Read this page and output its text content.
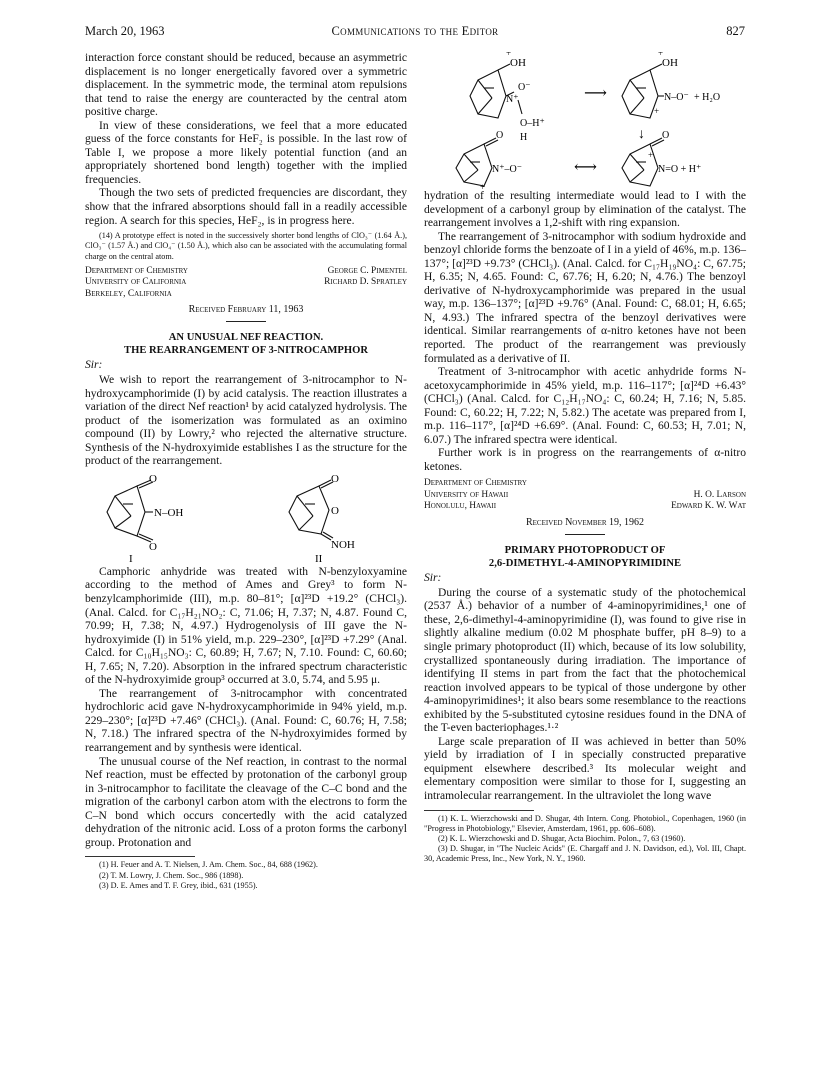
March 20, 1963	Communications to the Editor	827

interaction force constant should be reduced, because an asymmetric displacement is no longer energetically favored over a symmetric displacement. In the symmetric mode, the terminal atom repulsions that tend to raise the energy are counteracted by the central atom positive charge.

In view of these considerations, we feel that a more educated guess of the force constants for HeF₂ is possible. In the last row of Table I, we propose a more likely potential function (and an appropriately shortened bond length) together with the implied frequencies.

Though the two sets of predicted frequencies are discordant, they show that the infrared absorptions should fall in a readily accessible region. A search for this species, HeF₂, is in progress here.

(14) A prototype effect is noted in the successively shorter bond lengths of ClO₃⁻ (1.64 Å.), ClO₃⁻ (1.57 Å.) and ClO₄⁻ (1.50 Å.), which also can be associated with the accumulating formal charge on the central atom.

Department of Chemistry	George C. Pimentel
University of California	Richard D. Spratley
Berkeley, California
Received February 11, 1963
AN UNUSUAL NEF REACTION.
THE REARRANGEMENT OF 3-NITROCAMPHOR
Sir:

We wish to report the rearrangement of 3-nitrocamphor to N-hydroxycamphorimide (I) by acid catalysis. The reaction illustrates a variation of the direct Nef reaction¹ by acid catalyzed hydrolysis. The product of the isomerization was formulated as an oximino compound (II) by Lowry,² who rejected the alternative structure. Synthesis of the N-hydroxyimide establishes I as the structure for the product of the rearrangement.

O
O
N–OH
I
O
O
NOH
II

Camphoric anhydride was treated with N-benzyloxyamine according to the method of Ames and Grey³ to form N-benzylcamphorimide (III), m.p. 80–81°; [α]²³D +19.2° (CHCl₃). (Anal. Calcd. for C₁₇H₂₁NO₂: C, 71.06; H, 7.37; N, 4.87. Found C, 70.99; H, 7.38; N, 4.97.) Hydrogenolysis of III gave the N-hydroxyimide (I) in 51% yield, m.p. 229–230°, [α]²³D +7.29° (Anal. Calcd. for C₁₀H₁₅NO₃: C, 60.89; H, 7.67; N, 7.10. Found: C, 60.60; H, 7.65; N, 7.20). Absorption in the infrared spectrum characteristic of the N-hydroxyimide group³ occurred at 3.0, 5.74, and 5.95 μ.

The rearrangement of 3-nitrocamphor with concentrated hydrochloric acid gave N-hydroxycamphorimide in 94% yield, m.p. 229–230°; [α]²³D +7.46° (CHCl₃). (Anal. Found: C, 60.76; H, 7.58; N, 7.18.) The infrared spectra of the N-hydroxyimides formed by rearrangement and by synthesis were identical.

The unusual course of the Nef reaction, in contrast to the normal Nef reaction, must be effected by protonation of the carbonyl group in 3-nitrocamphor to facilitate the cleavage of the C–C bond and the migration of the carbonyl carbon atom with the electrons to form the C–N bond which occurs concertedly with the acid catalyzed dehydration of the nitronic acid. Loss of a proton forms the carbonyl group. Protonation and

(1) H. Feuer and A. T. Nielsen, J. Am. Chem. Soc., 84, 688 (1962).

(2) T. M. Lowry, J. Chem. Soc., 986 (1898).

(3) D. E. Ames and T. F. Grey, ibid., 631 (1955).

OH
+
O⁻
N⁺
O–H⁺
H
⟶
OH
+
N–O⁻ + H₂O
+
↓
O
N⁺–O⁻
+
⟷
O
N=O + H⁺
+

hydration of the resulting intermediate would lead to I with the development of a carbonyl group by elimination of the catalyst. The rearrangement involves a 1,2-shift with ring expansion.

The rearrangement of 3-nitrocamphor with sodium hydroxide and benzoyl chloride forms the benzoate of I in a yield of 46%, m.p. 136–137°; [α]²³D +9.73° (CHCl₃). (Anal. Calcd. for C₁₇H₁₉NO₄: C, 67.75; H, 6.35; N, 4.65. Found: C, 67.76; H, 6.20; N, 4.76.) The benzoyl derivative of N-hydroxycamphorimide was prepared in the usual way, m.p. 136–137°; [α]²³D +9.76° (Anal. Found: C, 68.01; H, 6.65; N, 4.93.) The infrared spectra of the benzoyl derivatives were identical. Similar rearrangements of α-nitro ketones have not been reported. The product of the rearrangement was previously formulated as a derivative of II.

Treatment of 3-nitrocamphor with acetic anhydride forms N-acetoxycamphorimide in 45% yield, m.p. 116–117°; [α]²⁴D +6.43° (CHCl₃) (Anal. Calcd. for C₁₂H₁₇NO₄: C, 60.24; H, 7.16; N, 5.85. Found: C, 60.22; H, 7.22; N, 5.82.) The acetate was prepared from I, m.p. 116–117°, [α]²⁴D +6.69°. (Anal. Found: C, 60.53; H, 7.01; N, 6.07.) The infrared spectra were identical.

Further work is in progress on the rearrangements of α-nitro ketones.

Department of Chemistry
University of Hawaii	H. O. Larson
Honolulu, Hawaii	Edward K. W. Wat
Received November 19, 1962
PRIMARY PHOTOPRODUCT OF
2,6-DIMETHYL-4-AMINOPYRIMIDINE
Sir:

During the course of a systematic study of the photochemical (2537 Å.) behavior of a number of 4-aminopyrimidines,¹ one of these, 2,6-dimethyl-4-aminopyrimidine (I), was found to give rise in slightly alkaline medium (0.02 M phosphate buffer, pH 8–9) to a single primary photoproduct (II) which, because of its low solubility, crystallized spontaneously during irradiation. The importance of identifying II stems in part from the fact that the photochemical reaction involved appears to be typical of those undergone by other 4-aminopyrimidines¹; it also bears some resemblance to the reactions exhibited by the 5-substituted cytosine residues found in the DNA of the T-even bacteriophages.¹·²

Large scale preparation of II was achieved in better than 50% yield by irradiation of I in specially constructed preparative equipment elsewhere described.³ Its molecular weight and elementary composition were similar to those for I, suggesting an intramolecular rearrangement. In the ultraviolet the long wave

(1) K. L. Wierzchowski and D. Shugar, 4th Intern. Cong. Photobiol., Copenhagen, 1960 (in "Progress in Photobiology," Elsevier, Amsterdam, 1961, pp. 606–608).

(2) K. L. Wierzchowski and D. Shugar, Acta Biochim. Polon., 7, 63 (1960).

(3) D. Shugar, in "The Nucleic Acids" (E. Chargaff and J. N. Davidson, ed.), Vol. III, Chapt. 30, Academic Press, Inc., New York, N. Y., 1960.
